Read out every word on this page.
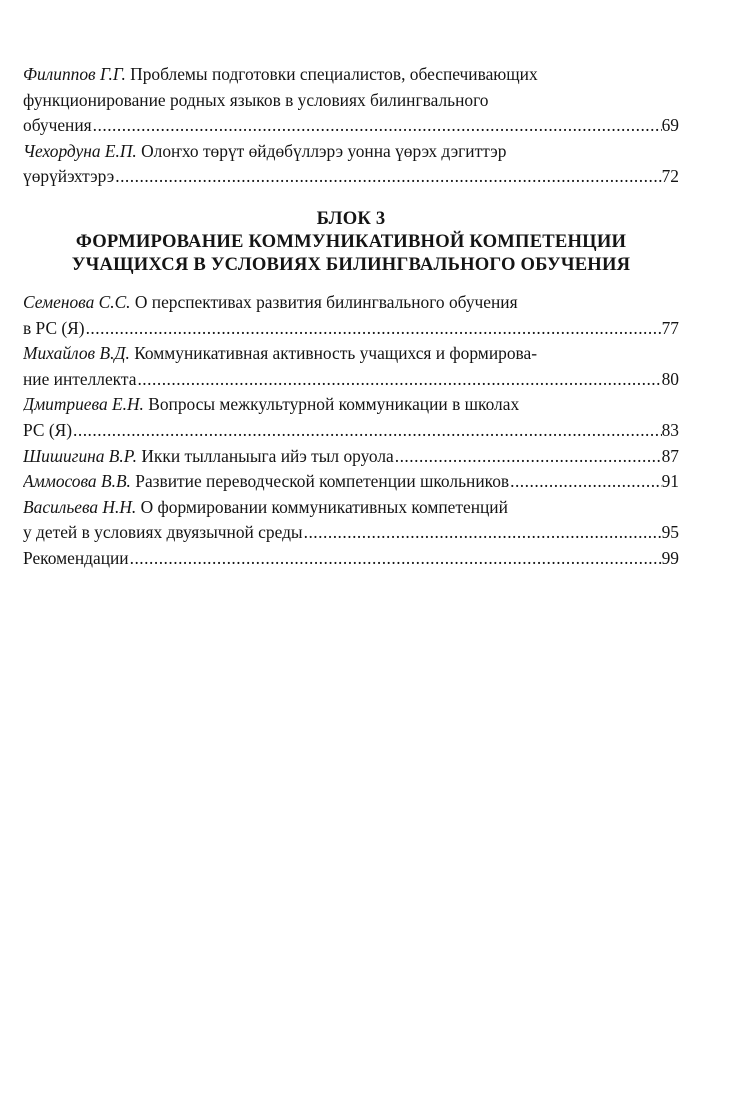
Филиппов Г.Г. Проблемы подготовки специалистов, обеспечивающих
функционирование родных языков в условиях билингвального
обучения .....	69
Чехордуна Е.П. Олоҥхо төрүт өйдөбүллэрэ уонна үөрэх дэгиттэр
үөрүйэхтэрэ .....	72
БЛОК 3
ФОРМИРОВАНИЕ КОММУНИКАТИВНОЙ КОМПЕТЕНЦИИ
УЧАЩИХСЯ В УСЛОВИЯХ БИЛИНГВАЛЬНОГО ОБУЧЕНИЯ
Семенова С.С. О перспективах развития билингвального обучения
в РС (Я) .....	77
Михайлов В.Д. Коммуникативная активность учащихся и формирова-
ние интеллекта .....	80
Дмитриева Е.Н. Вопросы межкультурной коммуникации в школах
РС (Я) .....	83
Шишигина В.Р. Икки тылланыыга ийэ тыл оруола .....	87
Аммосова В.В. Развитие переводческой компетенции школьников .....	91
Васильева Н.Н. О формировании коммуникативных компетенций
у детей в условиях двуязычной среды .....	95
Рекомендации .....	99
